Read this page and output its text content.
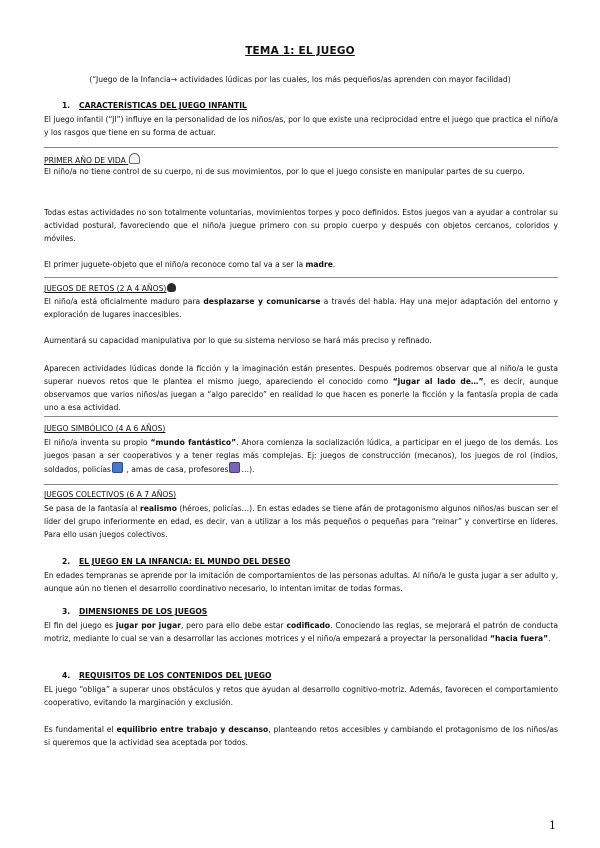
TEMA 1: EL JUEGO
(“Juego de la Infancia→ actividades lúdicas por las cuales, los más pequeños/as aprenden con mayor facilidad)
1. CARACTERÍSTICAS DEL JUEGO INFANTIL
El juego infantil (“JI”) influye en la personalidad de los niños/as, por lo que existe una reciprocidad entre el juego que practica el niño/a y los rasgos que tiene en su forma de actuar.
PRIMER AÑO DE VIDA
El niño/a no tiene control de su cuerpo, ni de sus movimientos, por lo que el juego consiste en manipular partes de su cuerpo.
Todas estas actividades no son totalmente voluntarias, movimientos torpes y poco definidos. Estos juegos van a ayudar a controlar su actividad postural, favoreciendo que el niño/a juegue primero con su propio cuerpo y después con objetos cercanos, coloridos y móviles.
El primer juguete-objeto que el niño/a reconoce como tal va a ser la madre.
JUEGOS DE RETOS (2 A 4 AÑOS)
El niño/a está oficialmente maduro para desplazarse y comunicarse a través del habla. Hay una mejor adaptación del entorno y exploración de lugares inaccesibles.
Aumentará su capacidad manipulativa por lo que su sistema nervioso se hará más preciso y refinado.
Aparecen actividades lúdicas donde la ficción y la imaginación están presentes. Después podremos observar que al niño/a le gusta superar nuevos retos que le plantea el mismo juego, apareciendo el conocido como “jugar al lado de…”, es decir, aunque observamos que varios niños/as juegan a “algo parecido” en realidad lo que hacen es ponerle la ficción y la fantasía propia de cada uno a esa actividad.
JUEGO SIMBÓLICO (4 A 6 AÑOS)
El niño/a inventa su propio “mundo fantástico”. Ahora comienza la socialización lúdica, a participar en el juego de los demás. Los juegos pasan a ser cooperativos y a tener reglas más complejas. Ej: juegos de construcción (mecanos), los juegos de rol (indios, soldados, policías , amas de casa, profesores …).
JUEGOS COLECTIVOS (6 A 7 AÑOS)
Se pasa de la fantasía al realismo (héroes, policías…). En estas edades se tiene afán de protagonismo algunos niños/as buscan ser el líder del grupo inferiormente en edad, es decir, van a utilizar a los más pequeños o pequeñas para “reinar” y convertirse en líderes. Para ello usan juegos colectivos.
2. EL JUEGO EN LA INFANCIA: EL MUNDO DEL DESEO
En edades tempranas se aprende por la imitación de comportamientos de las personas adultas. Al niño/a le gusta jugar a ser adulto y, aunque aún no tienen el desarrollo coordinativo necesario, lo intentan imitar de todas formas.
3. DIMENSIONES DE LOS JUEGOS
El fin del juego es jugar por jugar, pero para ello debe estar codificado. Conociendo las reglas, se mejorará el patrón de conducta motriz, mediante lo cual se van a desarrollar las acciones motrices y el niño/a empezará a proyectar la personalidad “hacia fuera”.
4. REQUISITOS DE LOS CONTENIDOS DEL JUEGO
EL juego “obliga” a superar unos obstáculos y retos que ayudan al desarrollo cognitivo-motriz. Además, favorecen el comportamiento cooperativo, evitando la marginación y exclusión.
Es fundamental el equilibrio entre trabajo y descanso, planteando retos accesibles y cambiando el protagonismo de los niños/as si queremos que la actividad sea aceptada por todos.
1
